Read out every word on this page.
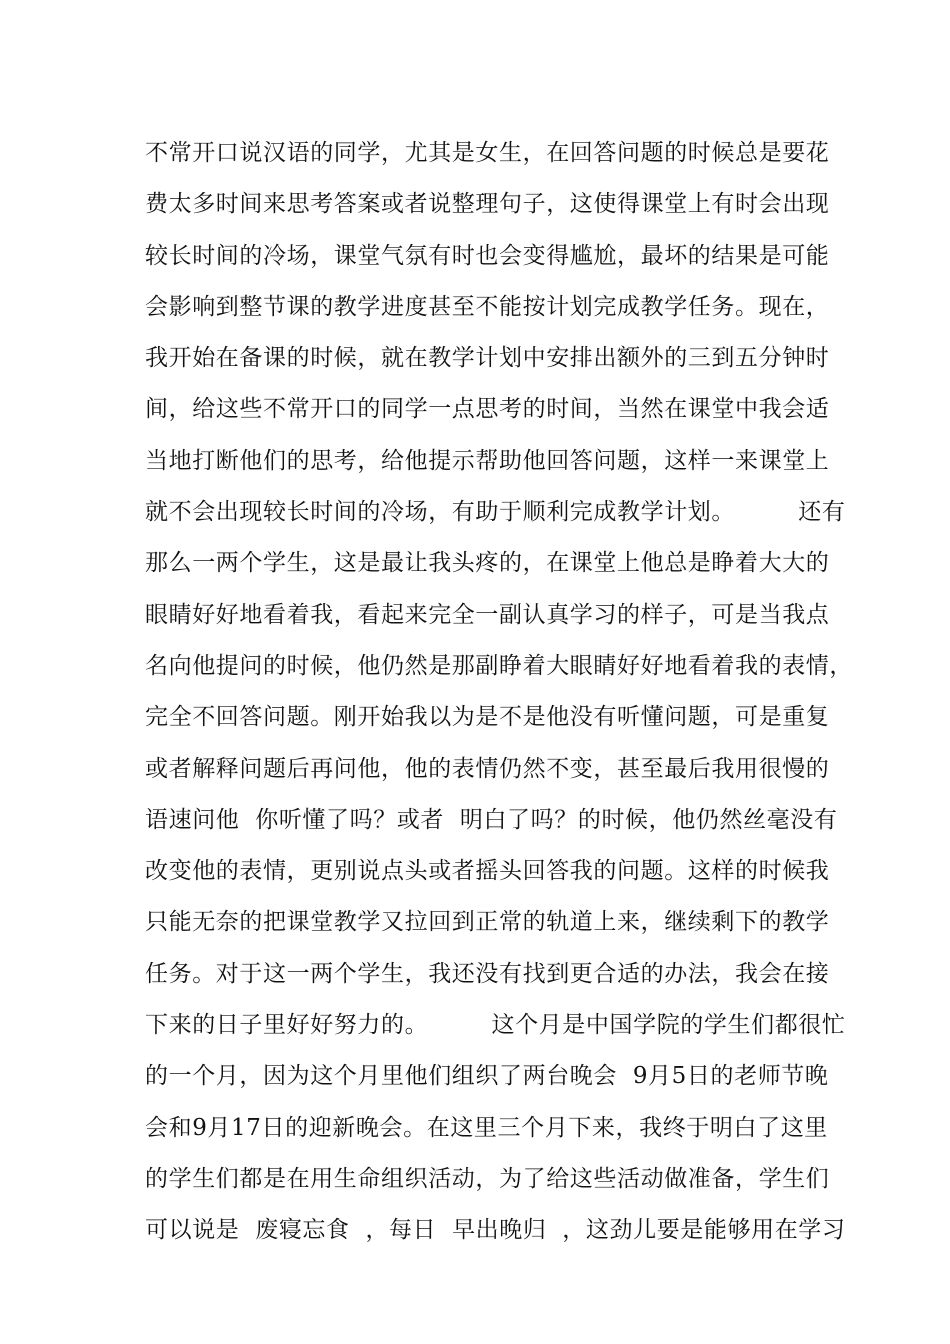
不常开口说汉语的同学，尤其是女生，在回答问题的时候总是要花
费太多时间来思考答案或者说整理句子，这使得课堂上有时会出现
较长时间的冷场，课堂气氛有时也会变得尴尬，最坏的结果是可能
会影响到整节课的教学进度甚至不能按计划完成教学任务。现在，
我开始在备课的时候，就在教学计划中安排出额外的三到五分钟时
间，给这些不常开口的同学一点思考的时间，当然在课堂中我会适
当地打断他们的思考，给他提示帮助他回答问题，这样一来课堂上
就不会出现较长时间的冷场，有助于顺利完成教学计划。        还有
那么一两个学生，这是最让我头疼的，在课堂上他总是睁着大大的
眼睛好好地看着我，看起来完全一副认真学习的样子，可是当我点
名向他提问的时候，他仍然是那副睁着大眼睛好好地看着我的表情，
完全不回答问题。刚开始我以为是不是他没有听懂问题，可是重复
或者解释问题后再问他，他的表情仍然不变，甚至最后我用很慢的
语速问他  你听懂了吗？或者  明白了吗？的时候，他仍然丝毫没有
改变他的表情，更别说点头或者摇头回答我的问题。这样的时候我
只能无奈的把课堂教学又拉回到正常的轨道上来，继续剩下的教学
任务。对于这一两个学生，我还没有找到更合适的办法，我会在接
下来的日子里好好努力的。        这个月是中国学院的学生们都很忙
的一个月，因为这个月里他们组织了两台晚会  9月5日的老师节晚
会和9月17日的迎新晚会。在这里三个月下来，我终于明白了这里
的学生们都是在用生命组织活动，为了给这些活动做准备，学生们
可以说是  废寝忘食  ，每日  早出晚归  ，这劲儿要是能够用在学习
